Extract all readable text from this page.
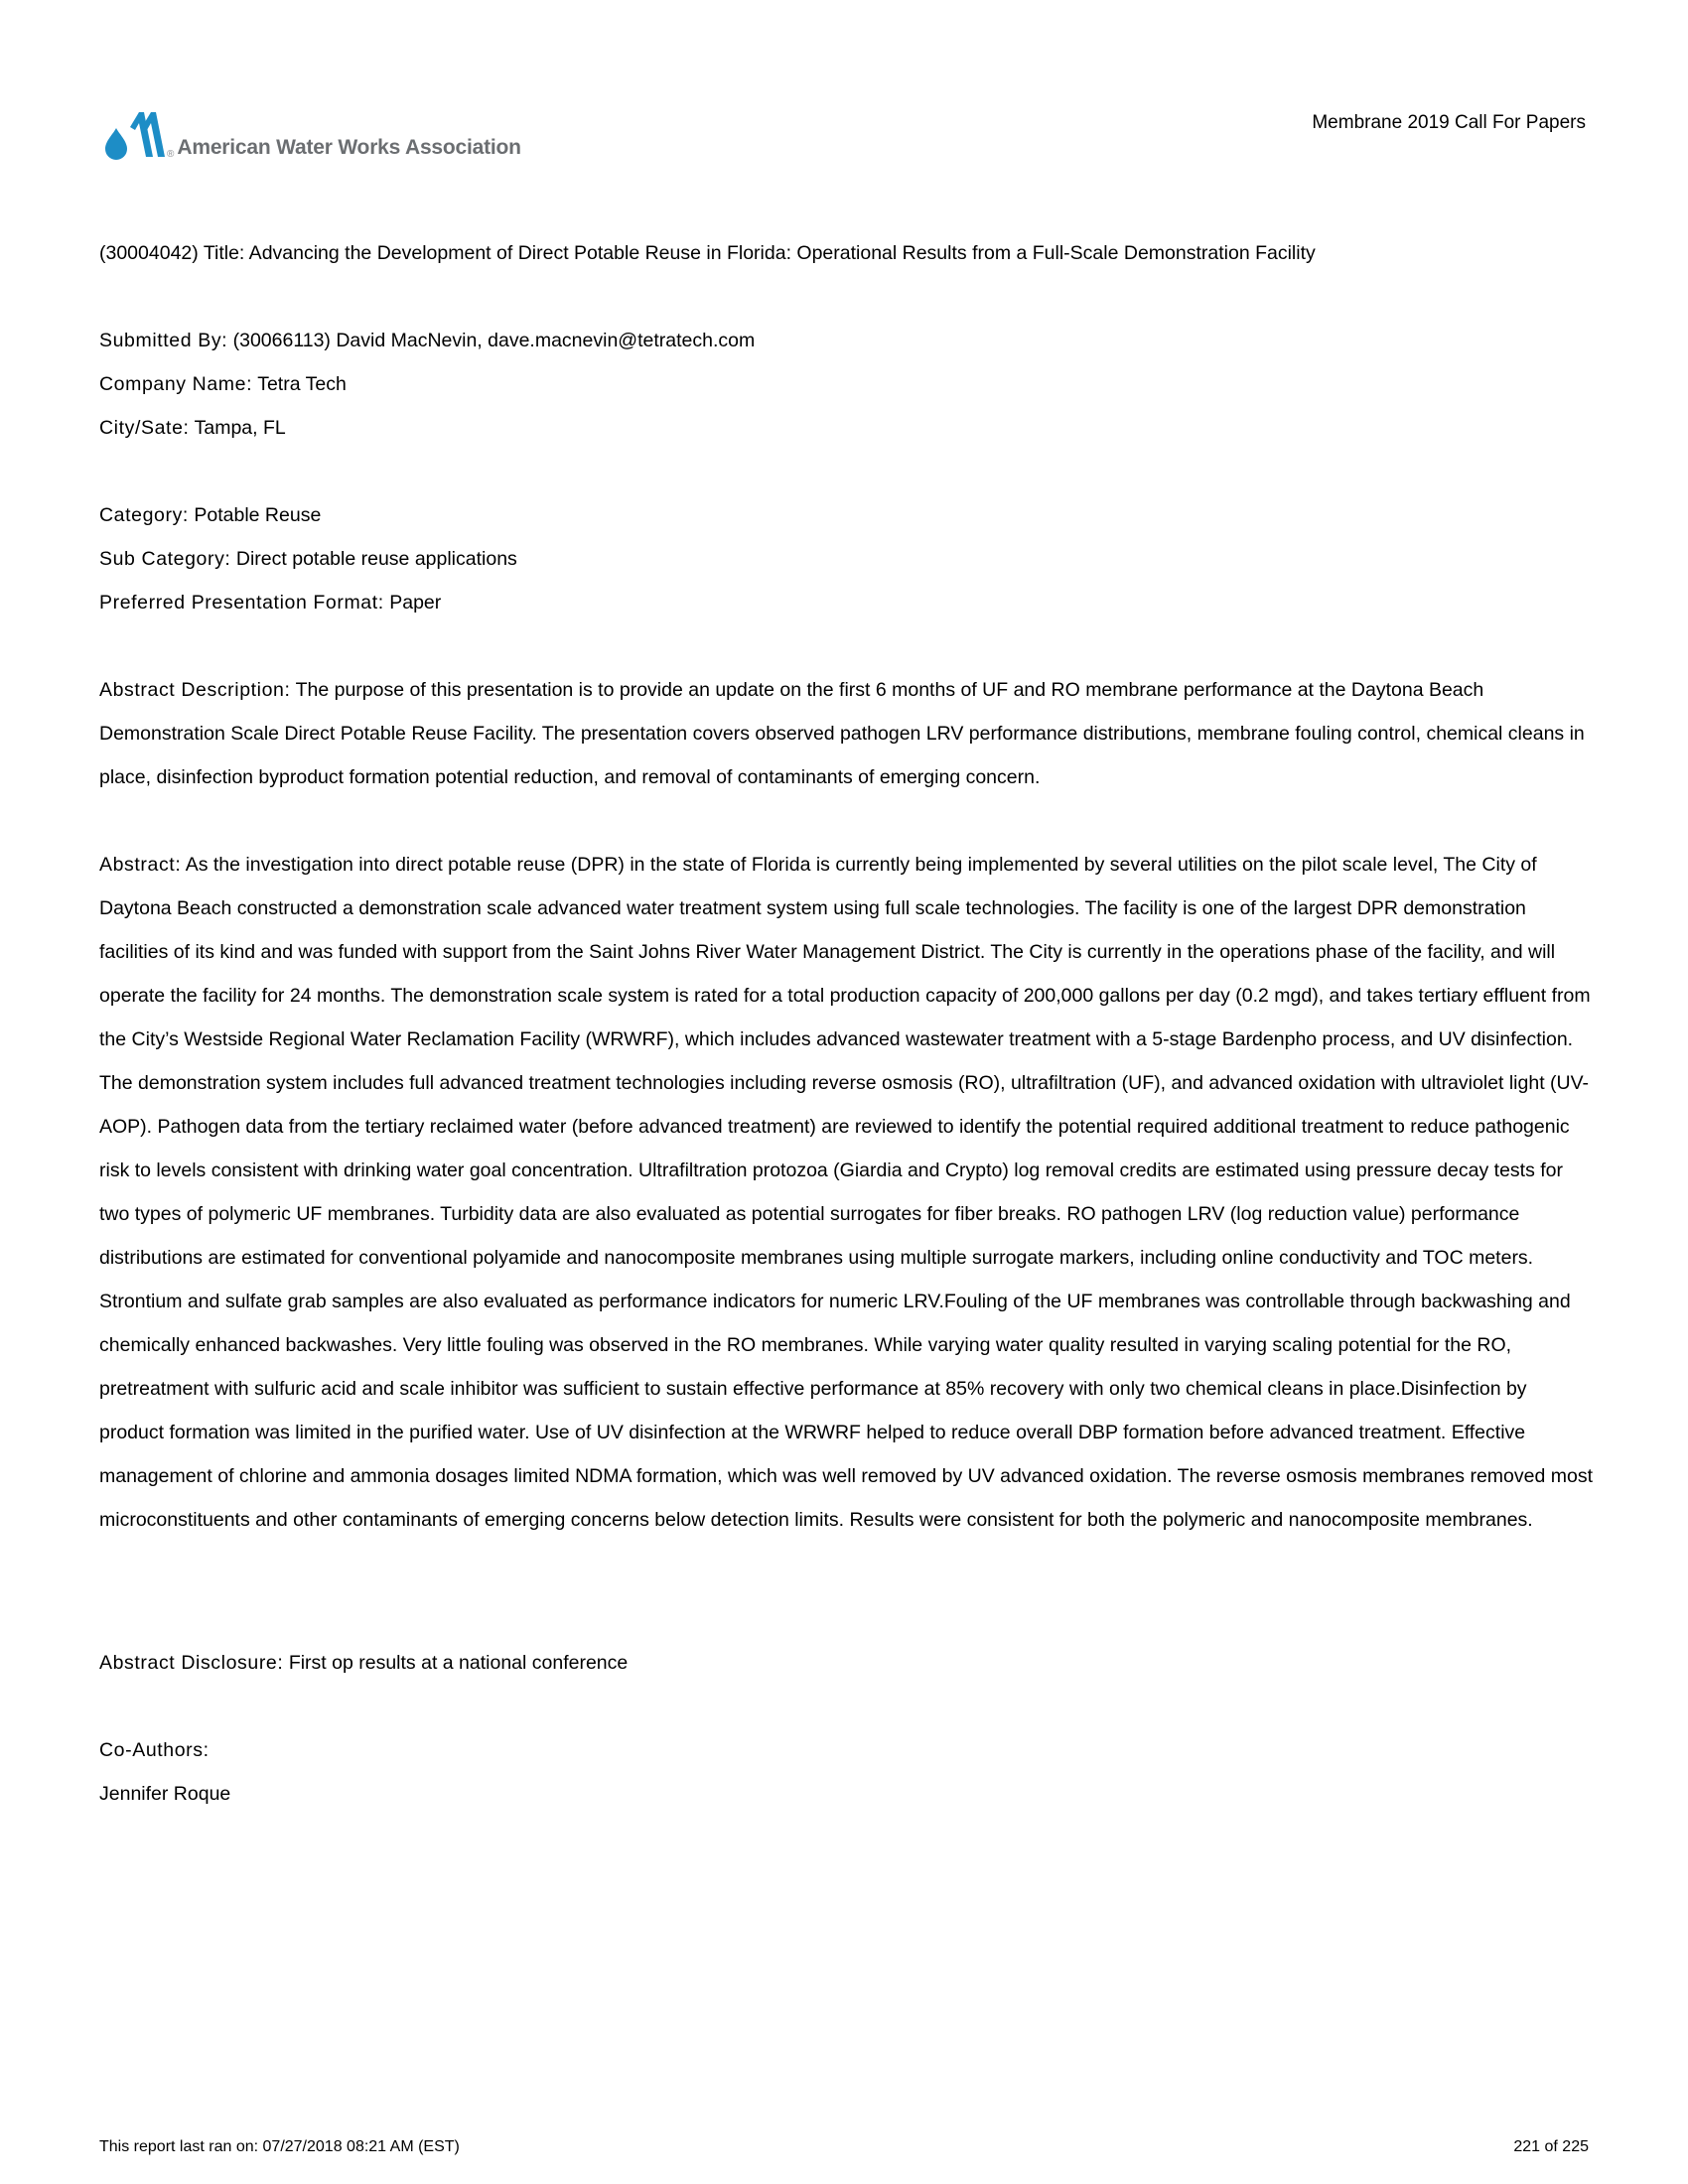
® American Water Works Association
Membrane 2019 Call For Papers

(30004042) Title: Advancing the Development of Direct Potable Reuse in Florida: Operational Results from a Full-Scale Demonstration Facility

Submitted By: (30066113) David MacNevin, dave.macnevin@tetratech.com

Company Name: Tetra Tech

City/Sate: Tampa, FL

Category: Potable Reuse

Sub Category: Direct potable reuse applications

Preferred Presentation Format: Paper

Abstract Description: The purpose of this presentation is to provide an update on the first 6 months of UF and RO membrane performance at the Daytona Beach Demonstration Scale Direct Potable Reuse Facility. The presentation covers observed pathogen LRV performance distributions, membrane fouling control, chemical cleans in place, disinfection byproduct formation potential reduction, and removal of contaminants of emerging concern.

Abstract: As the investigation into direct potable reuse (DPR) in the state of Florida is currently being implemented by several utilities on the pilot scale level, The City of Daytona Beach constructed a demonstration scale advanced water treatment system using full scale technologies. The facility is one of the largest DPR demonstration facilities of its kind and was funded with support from the Saint Johns River Water Management District. The City is currently in the operations phase of the facility, and will operate the facility for 24 months. The demonstration scale system is rated for a total production capacity of 200,000 gallons per day (0.2 mgd), and takes tertiary effluent from the City’s Westside Regional Water Reclamation Facility (WRWRF), which includes advanced wastewater treatment with a 5-stage Bardenpho process, and UV disinfection. The demonstration system includes full advanced treatment technologies including reverse osmosis (RO), ultrafiltration (UF), and advanced oxidation with ultraviolet light (UV-AOP). Pathogen data from the tertiary reclaimed water (before advanced treatment) are reviewed to identify the potential required additional treatment to reduce pathogenic risk to levels consistent with drinking water goal concentration. Ultrafiltration protozoa (Giardia and Crypto) log removal credits are estimated using pressure decay tests for two types of polymeric UF membranes. Turbidity data are also evaluated as potential surrogates for fiber breaks. RO pathogen LRV (log reduction value) performance distributions are estimated for conventional polyamide and nanocomposite membranes using multiple surrogate markers, including online conductivity and TOC meters. Strontium and sulfate grab samples are also evaluated as performance indicators for numeric LRV.Fouling of the UF membranes was controllable through backwashing and chemically enhanced backwashes. Very little fouling was observed in the RO membranes. While varying water quality resulted in varying scaling potential for the RO, pretreatment with sulfuric acid and scale inhibitor was sufficient to sustain effective performance at 85% recovery with only two chemical cleans in place.Disinfection by product formation was limited in the purified water. Use of UV disinfection at the WRWRF helped to reduce overall DBP formation before advanced treatment. Effective management of chlorine and ammonia dosages limited NDMA formation, which was well removed by UV advanced oxidation. The reverse osmosis membranes removed most microconstituents and other contaminants of emerging concerns below detection limits. Results were consistent for both the polymeric and nanocomposite membranes.

Abstract Disclosure: First op results at a national conference

Co-Authors:

Jennifer Roque

This report last ran on: 07/27/2018 08:21 AM (EST)	221 of 225
